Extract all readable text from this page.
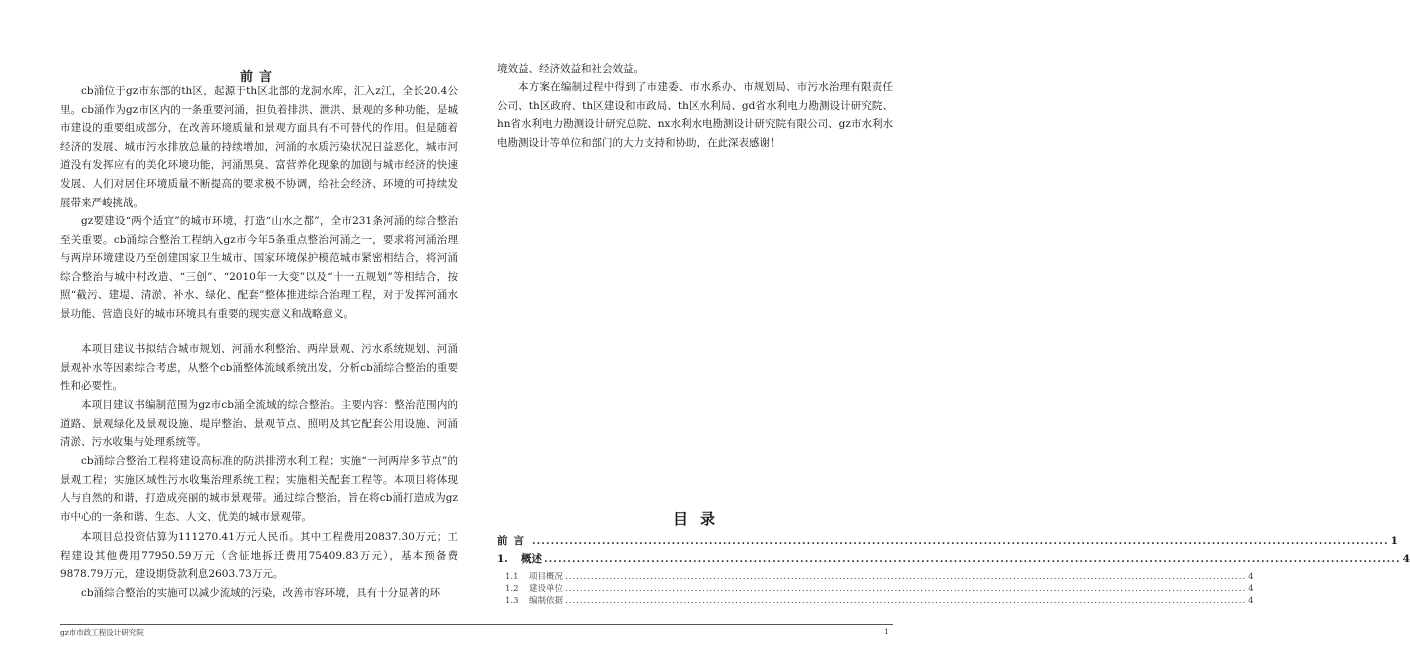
前言

cb涌位于gz市东部的th区，起源于th区北部的龙洞水库，汇入z江，全长20.4公里。cb涌作为gz市区内的一条重要河涌，担负着排洪、泄洪、景观的多种功能，是城市建设的重要组成部分，在改善环境质量和景观方面具有不可替代的作用。但是随着经济的发展、城市污水排放总量的持续增加，河涌的水质污染状况日益恶化，城市河道没有发挥应有的美化环境功能，河涌黑臭、富营养化现象的加剧与城市经济的快速发展、人们对居住环境质量不断提高的要求极不协调，给社会经济、环境的可持续发展带来严峻挑战。

gz要建设“两个适宜”的城市环境，打造“山水之都”，全市231条河涌的综合整治至关重要。cb涌综合整治工程纳入gz市今年5条重点整治河涌之一，要求将河涌治理与两岸环境建设乃至创建国家卫生城市、国家环境保护模范城市紧密相结合，将河涌综合整治与城中村改造、“三创”、“2010年一大变”以及“十一五规划”等相结合，按照“截污、建堤、清淤、补水、绿化、配套”整体推进综合治理工程，对于发挥河涌水景功能、营造良好的城市环境具有重要的现实意义和战略意义。

本项目建议书拟结合城市规划、河涌水利整治、两岸景观、污水系统规划、河涌景观补水等因素综合考虑，从整个cb涌整体流域系统出发，分析cb涌综合整治的重要性和必要性。

本项目建议书编制范围为gz市cb涌全流域的综合整治。主要内容：整治范围内的道路、景观绿化及景观设施、堤岸整治、景观节点、照明及其它配套公用设施、河涌清淤、污水收集与处理系统等。

cb涌综合整治工程将建设高标准的防洪排涝水利工程；实施“一河两岸多节点”的景观工程；实施区域性污水收集治理系统工程；实施相关配套工程等。本项目将体现人与自然的和谐，打造成亮丽的城市景观带。通过综合整治，旨在将cb涌打造成为gz市中心的一条和谐、生态、人文、优美的城市景观带。

本项目总投资估算为111270.41万元人民币。其中工程费用20837.30万元；工程建设其他费用77950.59万元（含征地拆迁费用75409.83万元），基本预备费9878.79万元，建设期贷款利息2603.73万元。

cb涌综合整治的实施可以减少流域的污染，改善市容环境，具有十分显著的环

境效益、经济效益和社会效益。

本方案在编制过程中得到了市建委、市水系办、市规划局、市污水治理有限责任公司、th区政府、th区建设和市政局、th区水利局、gd省水利电力勘测设计研究院、hn省水利电力勘测设计研究总院、nx水利水电勘测设计研究院有限公司、gz市水利水电勘测设计等单位和部门的大力支持和协助，在此深表感谢！

目录
前言 ........................................................................................................................................................................................ 1
1. 概述 ........................................................................................................................................................................................ 4
1.1 项目概况 ........................................................................................................................................................................................ 4
1.2 建设单位 ........................................................................................................................................................................................ 4
1.3 编制依据 ........................................................................................................................................................................................ 4
gz市市政工程设计研究院	1
